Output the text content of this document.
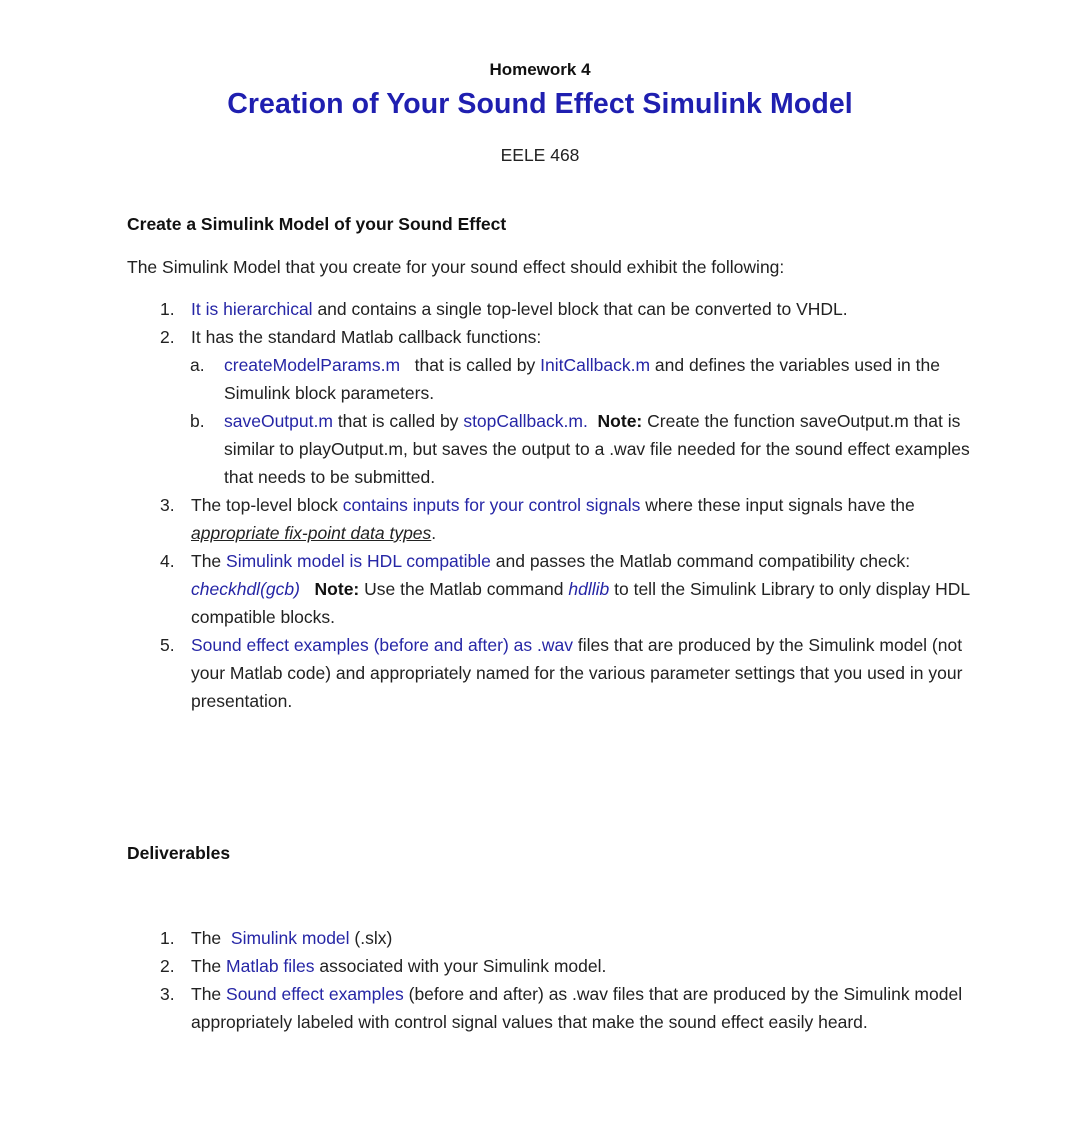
Homework 4
Creation of Your Sound Effect Simulink Model
EELE 468
Create a Simulink Model of your Sound Effect
The Simulink Model that you create for your sound effect should exhibit the following:
1. It is hierarchical and contains a single top-level block that can be converted to VHDL.
2. It has the standard Matlab callback functions:
a. createModelParams.m   that is called by InitCallback.m and defines the variables used in the Simulink block parameters.
b. saveOutput.m that is called by stopCallback.m. Note: Create the function saveOutput.m that is similar to playOutput.m, but saves the output to a .wav file needed for the sound effect examples that needs to be submitted.
3. The top-level block contains inputs for your control signals where these input signals have the appropriate fix-point data types.
4. The Simulink model is HDL compatible and passes the Matlab command compatibility check: checkhdl(gcb) Note: Use the Matlab command hdllib to tell the Simulink Library to only display HDL compatible blocks.
5. Sound effect examples (before and after) as .wav files that are produced by the Simulink model (not your Matlab code) and appropriately named for the various parameter settings that you used in your presentation.
Deliverables
1. The  Simulink model (.slx)
2. The Matlab files associated with your Simulink model.
3. The Sound effect examples (before and after) as .wav files that are produced by the Simulink model appropriately labeled with control signal values that make the sound effect easily heard.
